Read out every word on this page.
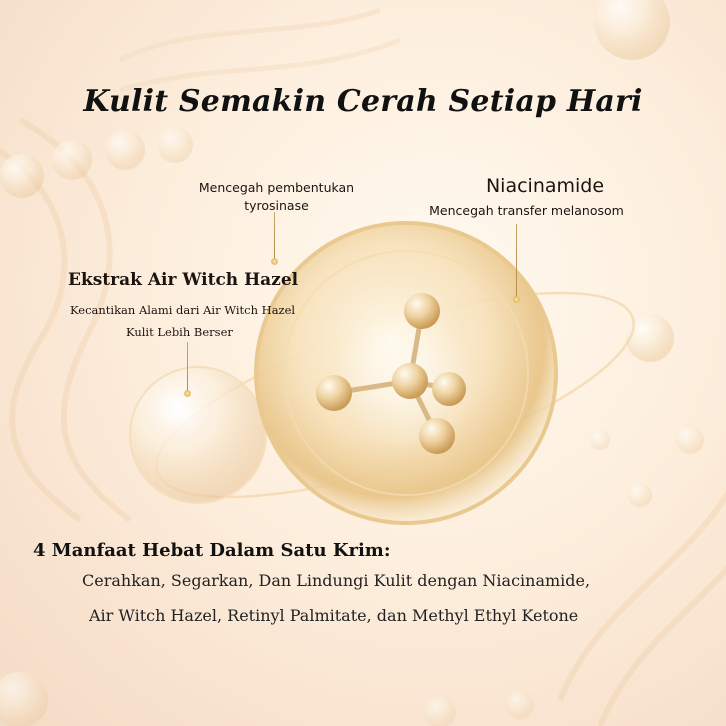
Kulit Semakin Cerah Setiap Hari
Mencegah pembentukan tyrosinase
Niacinamide
Mencegah transfer melanosom
Ekstrak Air Witch Hazel
Kecantikan Alami dari Air Witch Hazel
Kulit Lebih Berser
4 Manfaat Hebat Dalam Satu Krim:
Cerahkan, Segarkan, Dan Lindungi Kulit dengan Niacinamide,
Air Witch Hazel, Retinyl Palmitate, dan Methyl Ethyl Ketone
